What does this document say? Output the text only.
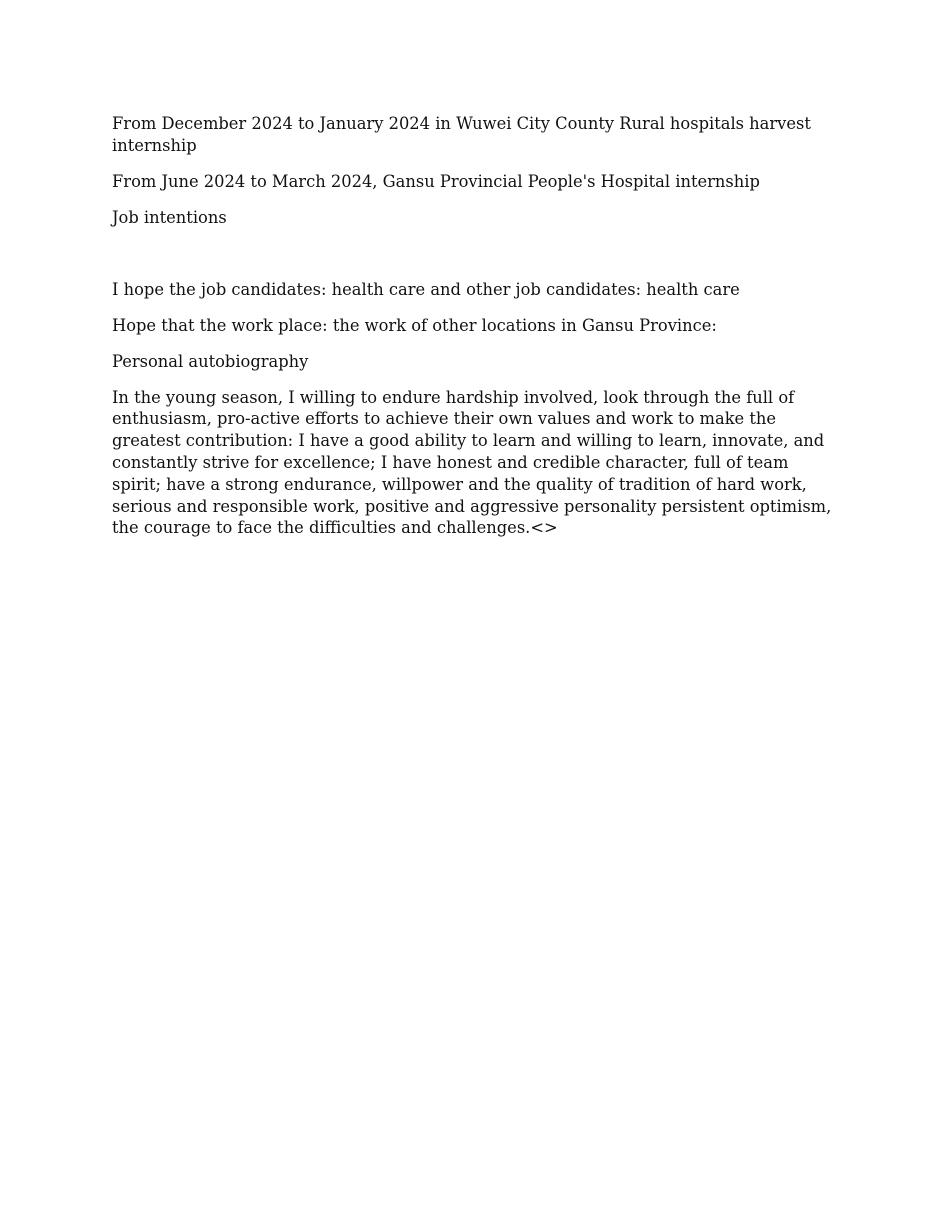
From December 2024 to January 2024 in Wuwei City County Rural hospitals harvest internship

From June 2024 to March 2024, Gansu Provincial People's Hospital internship

Job intentions

I hope the job candidates: health care and other job candidates: health care

Hope that the work place: the work of other locations in Gansu Province:

Personal autobiography

In the young season, I willing to endure hardship involved, look through the full of enthusiasm, pro-active efforts to achieve their own values and work to make the greatest contribution: I have a good ability to learn and willing to learn, innovate, and constantly strive for excellence; I have honest and credible character, full of team spirit; have a strong endurance, willpower and the quality of tradition of hard work, serious and responsible work, positive and aggressive personality persistent optimism, the courage to face the difficulties and challenges.<>
